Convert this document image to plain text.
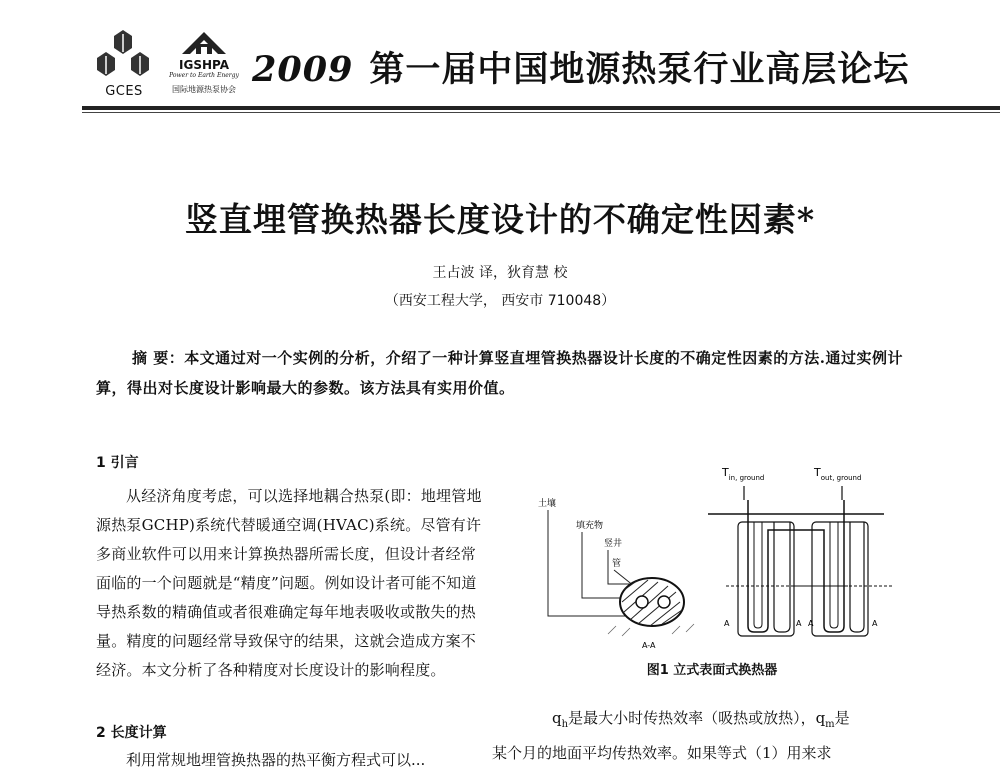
GCES
IGSHPA
Power to Earth Energy
国际地源热泵协会 2009 第一届中国地源热泵行业高层论坛
竖直埋管换热器长度设计的不确定性因素*
王占波 译，狄育慧 校
（西安工程大学， 西安市 710048）
摘 要：本文通过对一个实例的分析，介绍了一种计算竖直埋管换热器设计长度的不确定性因素的方法.通过实例计算，得出对长度设计影响最大的参数。该方法具有实用价值。
1 引言
从经济角度考虑，可以选择地耦合热泵(即：地埋管地源热泵GCHP)系统代替暖通空调(HVAC)系统。尽管有许多商业软件可以用来计算换热器所需长度，但设计者经常面临的一个问题就是“精度”问题。例如设计者可能不知道导热系数的精确值或者很难确定每年地表吸收或散失的热量。精度的问题经常导致保守的结果，这就会造成方案不经济。本文分析了各种精度对长度设计的影响程度。
2 长度计算
利用常规地埋管换热器的热平衡方程式可以...
土壤
填充物
竖井
管
A-A
$T_{in, ground}$	$T_{out, ground}$
A	A A	A
图1 立式表面式换热器
$q_h$是最大小时传热效率（吸热或放热），$q_m$是
某个月的地面平均传热效率。如果等式（1）用来求
